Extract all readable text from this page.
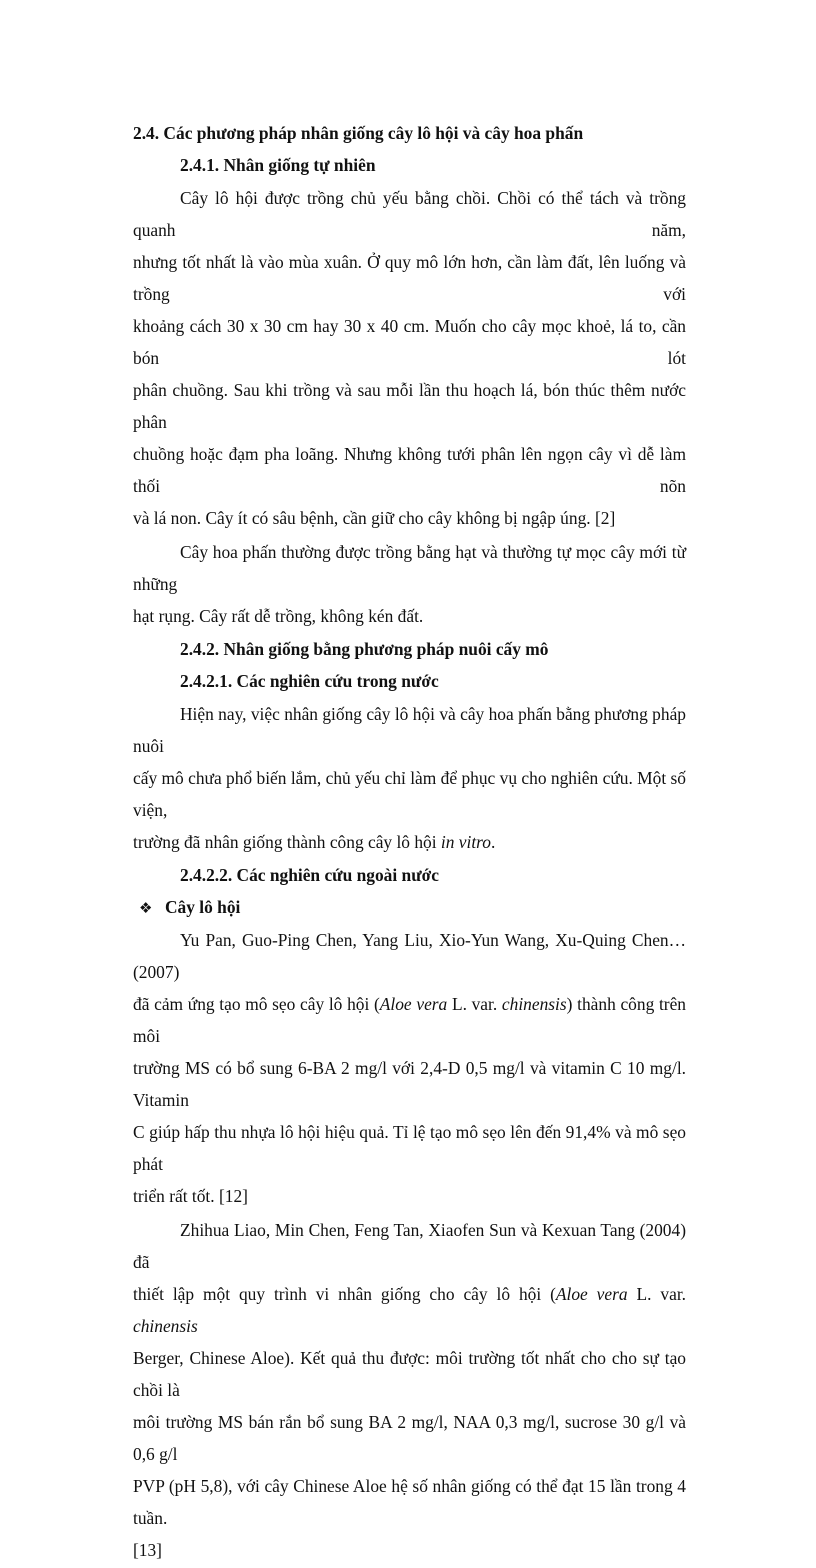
2.4. Các phương pháp nhân giống cây lô hội và cây hoa phấn
2.4.1. Nhân giống tự nhiên
Cây lô hội được trồng chủ yếu bằng chồi. Chồi có thể tách và trồng quanh năm,
nhưng tốt nhất là vào mùa xuân. Ở quy mô lớn hơn, cần làm đất, lên luống và trồng với
khoảng cách 30 x 30 cm hay 30 x 40 cm. Muốn cho cây mọc khoẻ, lá to, cần bón lót
phân chuồng. Sau khi trồng và sau mỗi lần thu hoạch lá, bón thúc thêm nước phân
chuồng hoặc đạm pha loãng. Nhưng không tưới phân lên ngọn cây vì dễ làm thối nõn
và lá non. Cây ít có sâu bệnh, cần giữ cho cây không bị ngập úng. [2]
Cây hoa phấn thường được trồng bằng hạt và thường tự mọc cây mới từ những
hạt rụng. Cây rất dễ trồng, không kén đất.
2.4.2. Nhân giống bằng phương pháp nuôi cấy mô
2.4.2.1. Các nghiên cứu trong nước
Hiện nay, việc nhân giống cây lô hội và cây hoa phấn bằng phương pháp nuôi
cấy mô chưa phổ biến lắm, chủ yếu chỉ làm để phục vụ cho nghiên cứu. Một số viện,
trường đã nhân giống thành công cây lô hội in vitro.
2.4.2.2. Các nghiên cứu ngoài nước
❖ Cây lô hội
Yu Pan, Guo-Ping Chen, Yang Liu, Xio-Yun Wang, Xu-Quing Chen…(2007)
đã cảm ứng tạo mô sẹo cây lô hội (Aloe vera L. var. chinensis) thành công trên môi
trường MS có bổ sung 6-BA 2 mg/l với 2,4-D 0,5 mg/l và vitamin C 10 mg/l. Vitamin
C giúp hấp thu nhựa lô hội hiệu quả. Tỉ lệ tạo mô sẹo lên đến 91,4% và mô sẹo phát
triển rất tốt. [12]
Zhihua Liao, Min Chen, Feng Tan, Xiaofen Sun và Kexuan Tang (2004) đã
thiết lập một quy trình vi nhân giống cho cây lô hội (Aloe vera L. var. chinensis
Berger, Chinese Aloe). Kết quả thu được: môi trường tốt nhất cho cho sự tạo chồi là
môi trường MS bán rắn bổ sung BA 2 mg/l, NAA 0,3 mg/l, sucrose 30 g/l và 0,6 g/l
PVP (pH 5,8), với cây Chinese Aloe hệ số nhân giống có thể đạt 15 lần trong 4 tuần.
[13]
